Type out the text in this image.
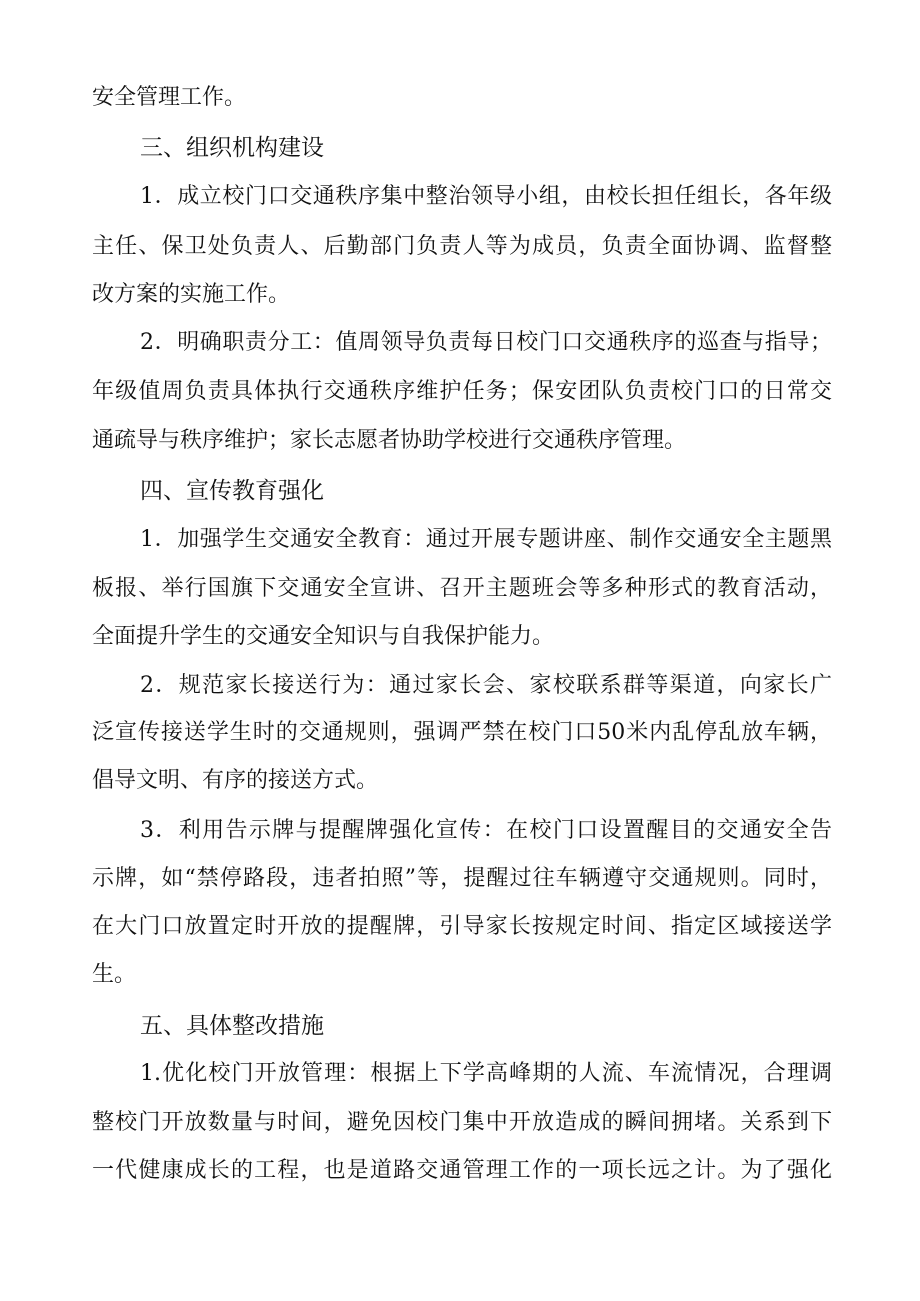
安全管理工作。
三、组织机构建设
1．成立校门口交通秩序集中整治领导小组，由校长担任组长，各年级
主任、保卫处负责人、后勤部门负责人等为成员，负责全面协调、监督整
改方案的实施工作。
2．明确职责分工：值周领导负责每日校门口交通秩序的巡查与指导；
年级值周负责具体执行交通秩序维护任务；保安团队负责校门口的日常交
通疏导与秩序维护；家长志愿者协助学校进行交通秩序管理。
四、宣传教育强化
1．加强学生交通安全教育：通过开展专题讲座、制作交通安全主题黑
板报、举行国旗下交通安全宣讲、召开主题班会等多种形式的教育活动，
全面提升学生的交通安全知识与自我保护能力。
2．规范家长接送行为：通过家长会、家校联系群等渠道，向家长广
泛宣传接送学生时的交通规则，强调严禁在校门口50米内乱停乱放车辆，
倡导文明、有序的接送方式。
3．利用告示牌与提醒牌强化宣传：在校门口设置醒目的交通安全告
示牌，如“禁停路段，违者拍照”等，提醒过往车辆遵守交通规则。同时，
在大门口放置定时开放的提醒牌，引导家长按规定时间、指定区域接送学
生。
五、具体整改措施
1.优化校门开放管理：根据上下学高峰期的人流、车流情况，合理调
整校门开放数量与时间，避免因校门集中开放造成的瞬间拥堵。关系到下
一代健康成长的工程，也是道路交通管理工作的一项长远之计。为了强化
